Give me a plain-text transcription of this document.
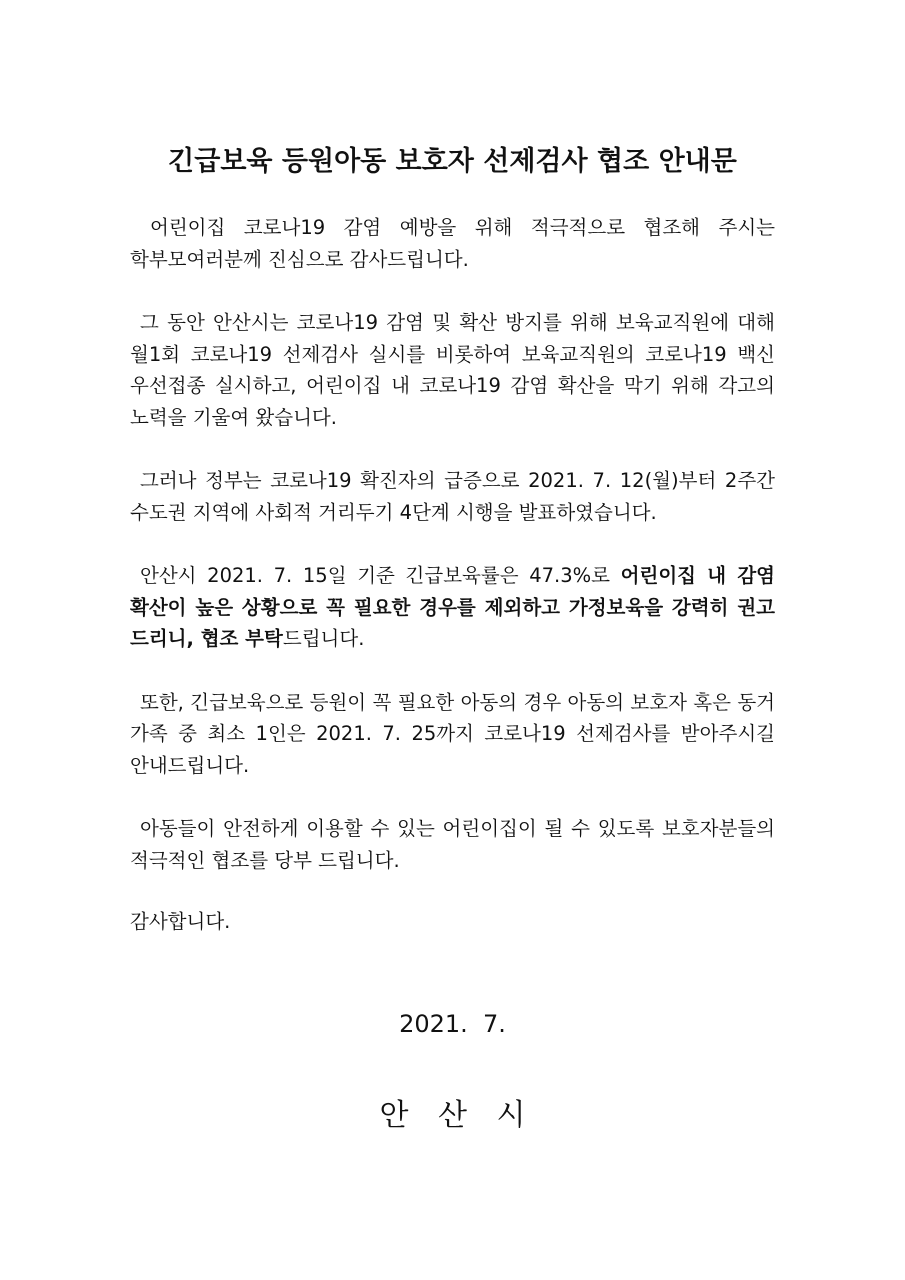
긴급보육 등원아동 보호자 선제검사 협조 안내문

어린이집 코로나19 감염 예방을 위해 적극적으로 협조해 주시는 학부모여러분께 진심으로 감사드립니다.

그 동안 안산시는 코로나19 감염 및 확산 방지를 위해 보육교직원에 대해 월1회 코로나19 선제검사 실시를 비롯하여 보육교직원의 코로나19 백신 우선접종 실시하고, 어린이집 내 코로나19 감염 확산을 막기 위해 각고의 노력을 기울여 왔습니다.

그러나 정부는 코로나19 확진자의 급증으로 2021. 7. 12(월)부터 2주간 수도권 지역에 사회적 거리두기 4단계 시행을 발표하였습니다.

안산시 2021. 7. 15일 기준 긴급보육률은 47.3%로 어린이집 내 감염 확산이 높은 상황으로 꼭 필요한 경우를 제외하고 가정보육을 강력히 권고 드리니, 협조 부탁드립니다.

또한, 긴급보육으로 등원이 꼭 필요한 아동의 경우 아동의 보호자 혹은 동거 가족 중 최소 1인은 2021. 7. 25까지 코로나19 선제검사를 받아주시길 안내드립니다.

아동들이 안전하게 이용할 수 있는 어린이집이 될 수 있도록 보호자분들의 적극적인 협조를 당부 드립니다.

감사합니다.

2021.  7.
안 산 시
